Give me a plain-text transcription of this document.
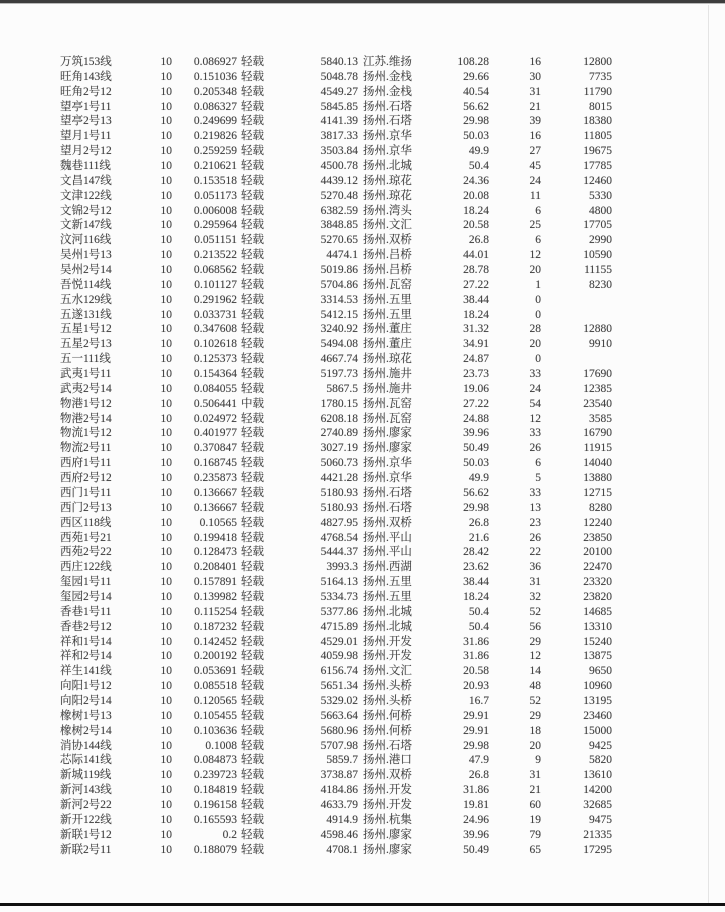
万筑153线	10	0.086927 轻载	5840.13 江苏.维扬	108.28	16	12800
旺角143线	10	0.151036 轻载	5048.78 扬州.金栈	29.66	30	7735
旺角2号12	10	0.205348 轻载	4549.27 扬州.金栈	40.54	31	11790
望亭1号11	10	0.086327 轻载	5845.85 扬州.石塔	56.62	21	8015
望亭2号13	10	0.249699 轻载	4141.39 扬州.石塔	29.98	39	18380
望月1号11	10	0.219826 轻载	3817.33 扬州.京华	50.03	16	11805
望月2号12	10	0.259259 轻载	3503.84 扬州.京华	49.9	27	19675
魏巷111线	10	0.210621 轻载	4500.78 扬州.北城	50.4	45	17785
文昌147线	10	0.153518 轻载	4439.12 扬州.琼花	24.36	24	12460
文津122线	10	0.051173 轻载	5270.48 扬州.琼花	20.08	11	5330
文锦2号12	10	0.006008 轻载	6382.59 扬州.湾头	18.24	6	4800
文新147线	10	0.295964 轻载	3848.85 扬州.文汇	20.58	25	17705
汶河116线	10	0.051151 轻载	5270.65 扬州.双桥	26.8	6	2990
吴州1号13	10	0.213522 轻载	4474.1 扬州.吕桥	44.01	12	10590
吴州2号14	10	0.068562 轻载	5019.86 扬州.吕桥	28.78	20	11155
吾悦114线	10	0.101127 轻载	5704.86 扬州.瓦窑	27.22	1	8230
五水129线	10	0.291962 轻载	3314.53 扬州.五里	38.44	0
五遂131线	10	0.033731 轻载	5412.15 扬州.五里	18.24	0
五星1号12	10	0.347608 轻载	3240.92 扬州.董庄	31.32	28	12880
五星2号13	10	0.102618 轻载	5494.08 扬州.董庄	34.91	20	9910
五一111线	10	0.125373 轻载	4667.74 扬州.琼花	24.87	0
武夷1号11	10	0.154364 轻载	5197.73 扬州.施井	23.73	33	17690
武夷2号14	10	0.084055 轻载	5867.5 扬州.施井	19.06	24	12385
物港1号12	10	0.506441 中载	1780.15 扬州.瓦窑	27.22	54	23540
物港2号14	10	0.024972 轻载	6208.18 扬州.瓦窑	24.88	12	3585
物流1号12	10	0.401977 轻载	2740.89 扬州.廖家	39.96	33	16790
物流2号11	10	0.370847 轻载	3027.19 扬州.廖家	50.49	26	11915
西府1号11	10	0.168745 轻载	5060.73 扬州.京华	50.03	6	14040
西府2号12	10	0.235873 轻载	4421.28 扬州.京华	49.9	5	13880
西门1号11	10	0.136667 轻载	5180.93 扬州.石塔	56.62	33	12715
西门2号13	10	0.136667 轻载	5180.93 扬州.石塔	29.98	13	8280
西区118线	10	0.10565 轻载	4827.95 扬州.双桥	26.8	23	12240
西苑1号21	10	0.199418 轻载	4768.54 扬州.平山	21.6	26	23850
西苑2号22	10	0.128473 轻载	5444.37 扬州.平山	28.42	22	20100
西庄122线	10	0.208401 轻载	3993.3 扬州.西湖	23.62	36	22470
玺园1号11	10	0.157891 轻载	5164.13 扬州.五里	38.44	31	23320
玺园2号14	10	0.139982 轻载	5334.73 扬州.五里	18.24	32	23820
香巷1号11	10	0.115254 轻载	5377.86 扬州.北城	50.4	52	14685
香巷2号12	10	0.187232 轻载	4715.89 扬州.北城	50.4	56	13310
祥和1号14	10	0.142452 轻载	4529.01 扬州.开发	31.86	29	15240
祥和2号14	10	0.200192 轻载	4059.98 扬州.开发	31.86	12	13875
祥生141线	10	0.053691 轻载	6156.74 扬州.文汇	20.58	14	9650
向阳1号12	10	0.085518 轻载	5651.34 扬州.头桥	20.93	48	10960
向阳2号14	10	0.120565 轻载	5329.02 扬州.头桥	16.7	52	13195
橡树1号13	10	0.105455 轻载	5663.64 扬州.何桥	29.91	29	23460
橡树2号14	10	0.103636 轻载	5680.96 扬州.何桥	29.91	18	15000
消协144线	10	0.1008 轻载	5707.98 扬州.石塔	29.98	20	9425
芯际141线	10	0.084873 轻载	5859.7 扬州.港口	47.9	9	5820
新城119线	10	0.239723 轻载	3738.87 扬州.双桥	26.8	31	13610
新河143线	10	0.184819 轻载	4184.86 扬州.开发	31.86	21	14200
新河2号22	10	0.196158 轻载	4633.79 扬州.开发	19.81	60	32685
新开122线	10	0.165593 轻载	4914.9 扬州.杭集	24.96	19	9475
新联1号12	10	0.2 轻载	4598.46 扬州.廖家	39.96	79	21335
新联2号11	10	0.188079 轻载	4708.1 扬州.廖家	50.49	65	17295
